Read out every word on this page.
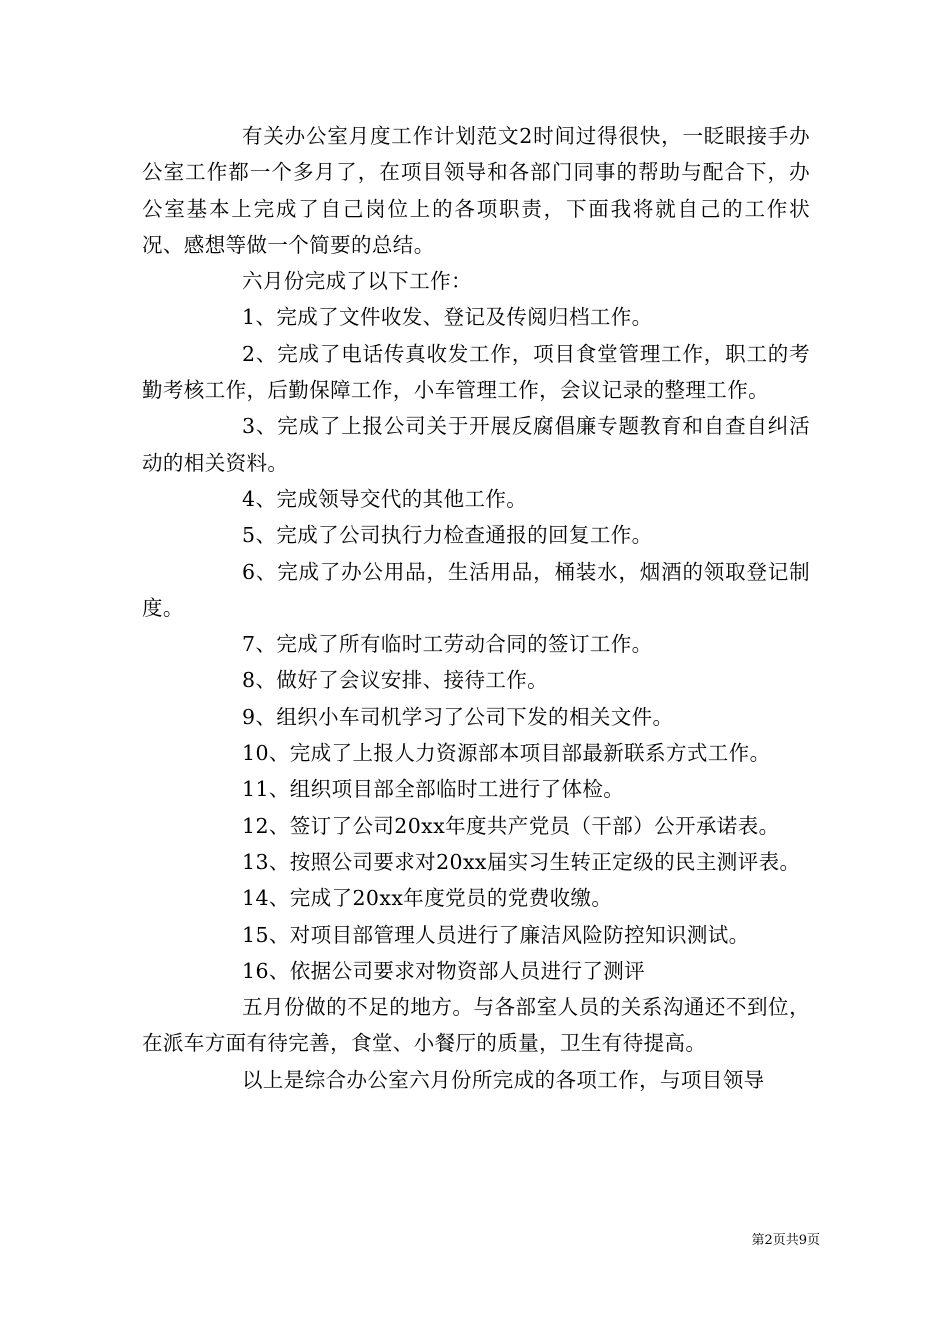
有关办公室月度工作计划范文2时间过得很快，一眨眼接手办公室工作都一个多月了，在项目领导和各部门同事的帮助与配合下，办公室基本上完成了自己岗位上的各项职责，下面我将就自己的工作状况、感想等做一个简要的总结。

六月份完成了以下工作：

1、完成了文件收发、登记及传阅归档工作。

2、完成了电话传真收发工作，项目食堂管理工作，职工的考勤考核工作，后勤保障工作，小车管理工作，会议记录的整理工作。

3、完成了上报公司关于开展反腐倡廉专题教育和自查自纠活动的相关资料。

4、完成领导交代的其他工作。

5、完成了公司执行力检查通报的回复工作。

6、完成了办公用品，生活用品，桶装水，烟酒的领取登记制度。

7、完成了所有临时工劳动合同的签订工作。

8、做好了会议安排、接待工作。

9、组织小车司机学习了公司下发的相关文件。

10、完成了上报人力资源部本项目部最新联系方式工作。

11、组织项目部全部临时工进行了体检。

12、签订了公司20xx年度共产党员（干部）公开承诺表。

13、按照公司要求对20xx届实习生转正定级的民主测评表。

14、完成了20xx年度党员的党费收缴。

15、对项目部管理人员进行了廉洁风险防控知识测试。

16、依据公司要求对物资部人员进行了测评

五月份做的不足的地方。与各部室人员的关系沟通还不到位，在派车方面有待完善，食堂、小餐厅的质量，卫生有待提高。

以上是综合办公室六月份所完成的各项工作，与项目领导

第2页共9页
